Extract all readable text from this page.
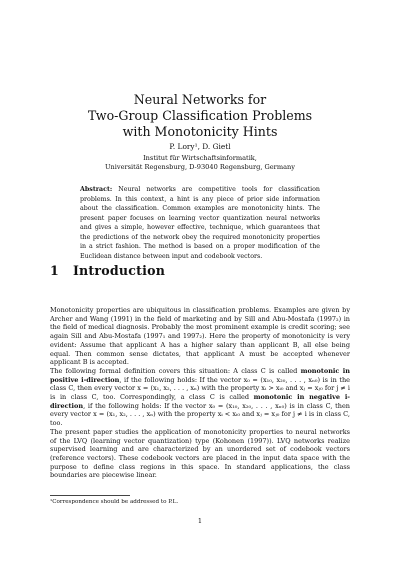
Neural Networks for
Two-Group Classification Problems
with Monotonicity Hints
P. Lory¹, D. Gietl
Institut für Wirtschaftsinformatik,
Universität Regensburg, D-93040 Regensburg, Germany
Abstract: Neural networks are competitive tools for classification problems. In this context, a hint is any piece of prior side information about the classification. Common examples are monotonicity hints. The present paper focuses on learning vector quantization neural networks and gives a simple, however effective, technique, which guarantees that the predictions of the network obey the required monotonicity properties in a strict fashion. The method is based on a proper modification of the Euclidean distance between input and codebook vectors.
1 Introduction

Monotonicity properties are ubiquitous in classification problems. Examples are given by Archer and Wang (1991) in the field of marketing and by Sill and Abu-Mostafa (1997₂) in the field of medical diagnosis. Probably the most prominent example is credit scoring; see again Sill and Abu-Mostafa (1997₁ and 1997₂). Here the property of monotonicity is very evident: Assume that applicant A has a higher salary than applicant B, all else being equal. Then common sense dictates, that applicant A must be accepted whenever applicant B is accepted.

The following formal definition covers this situation: A class C is called monotonic in positive i-direction, if the following holds: If the vector x₀ = (x₁₀, x₂₀, . . . , xₙ₀) is in the class C, then every vector x = (x₁, x₂, . . . , xₙ) with the property xᵢ > xᵢ₀ and xⱼ = xⱼ₀ for j ≠ i is in class C, too. Correspondingly, a class C is called monotonic in negative i-direction, if the following holds: If the vector x₀ = (x₁₀, x₂₀, . . . , xₙ₀) is in class C, then every vector x = (x₁, x₂, . . . , xₙ) with the property xᵢ < xᵢ₀ and xⱼ = xⱼ₀ for j ≠ i is in class C, too.

The present paper studies the application of monotonicity properties to neural networks of the LVQ (learning vector quantization) type (Kohonen (1997)). LVQ networks realize supervised learning and are characterized by an unordered set of codebook vectors (reference vectors). These codebook vectors are placed in the input data space with the purpose to define class regions in this space. In standard applications, the class boundaries are piecewise linear.

¹Correspondence should be addressed to P.L.
1
